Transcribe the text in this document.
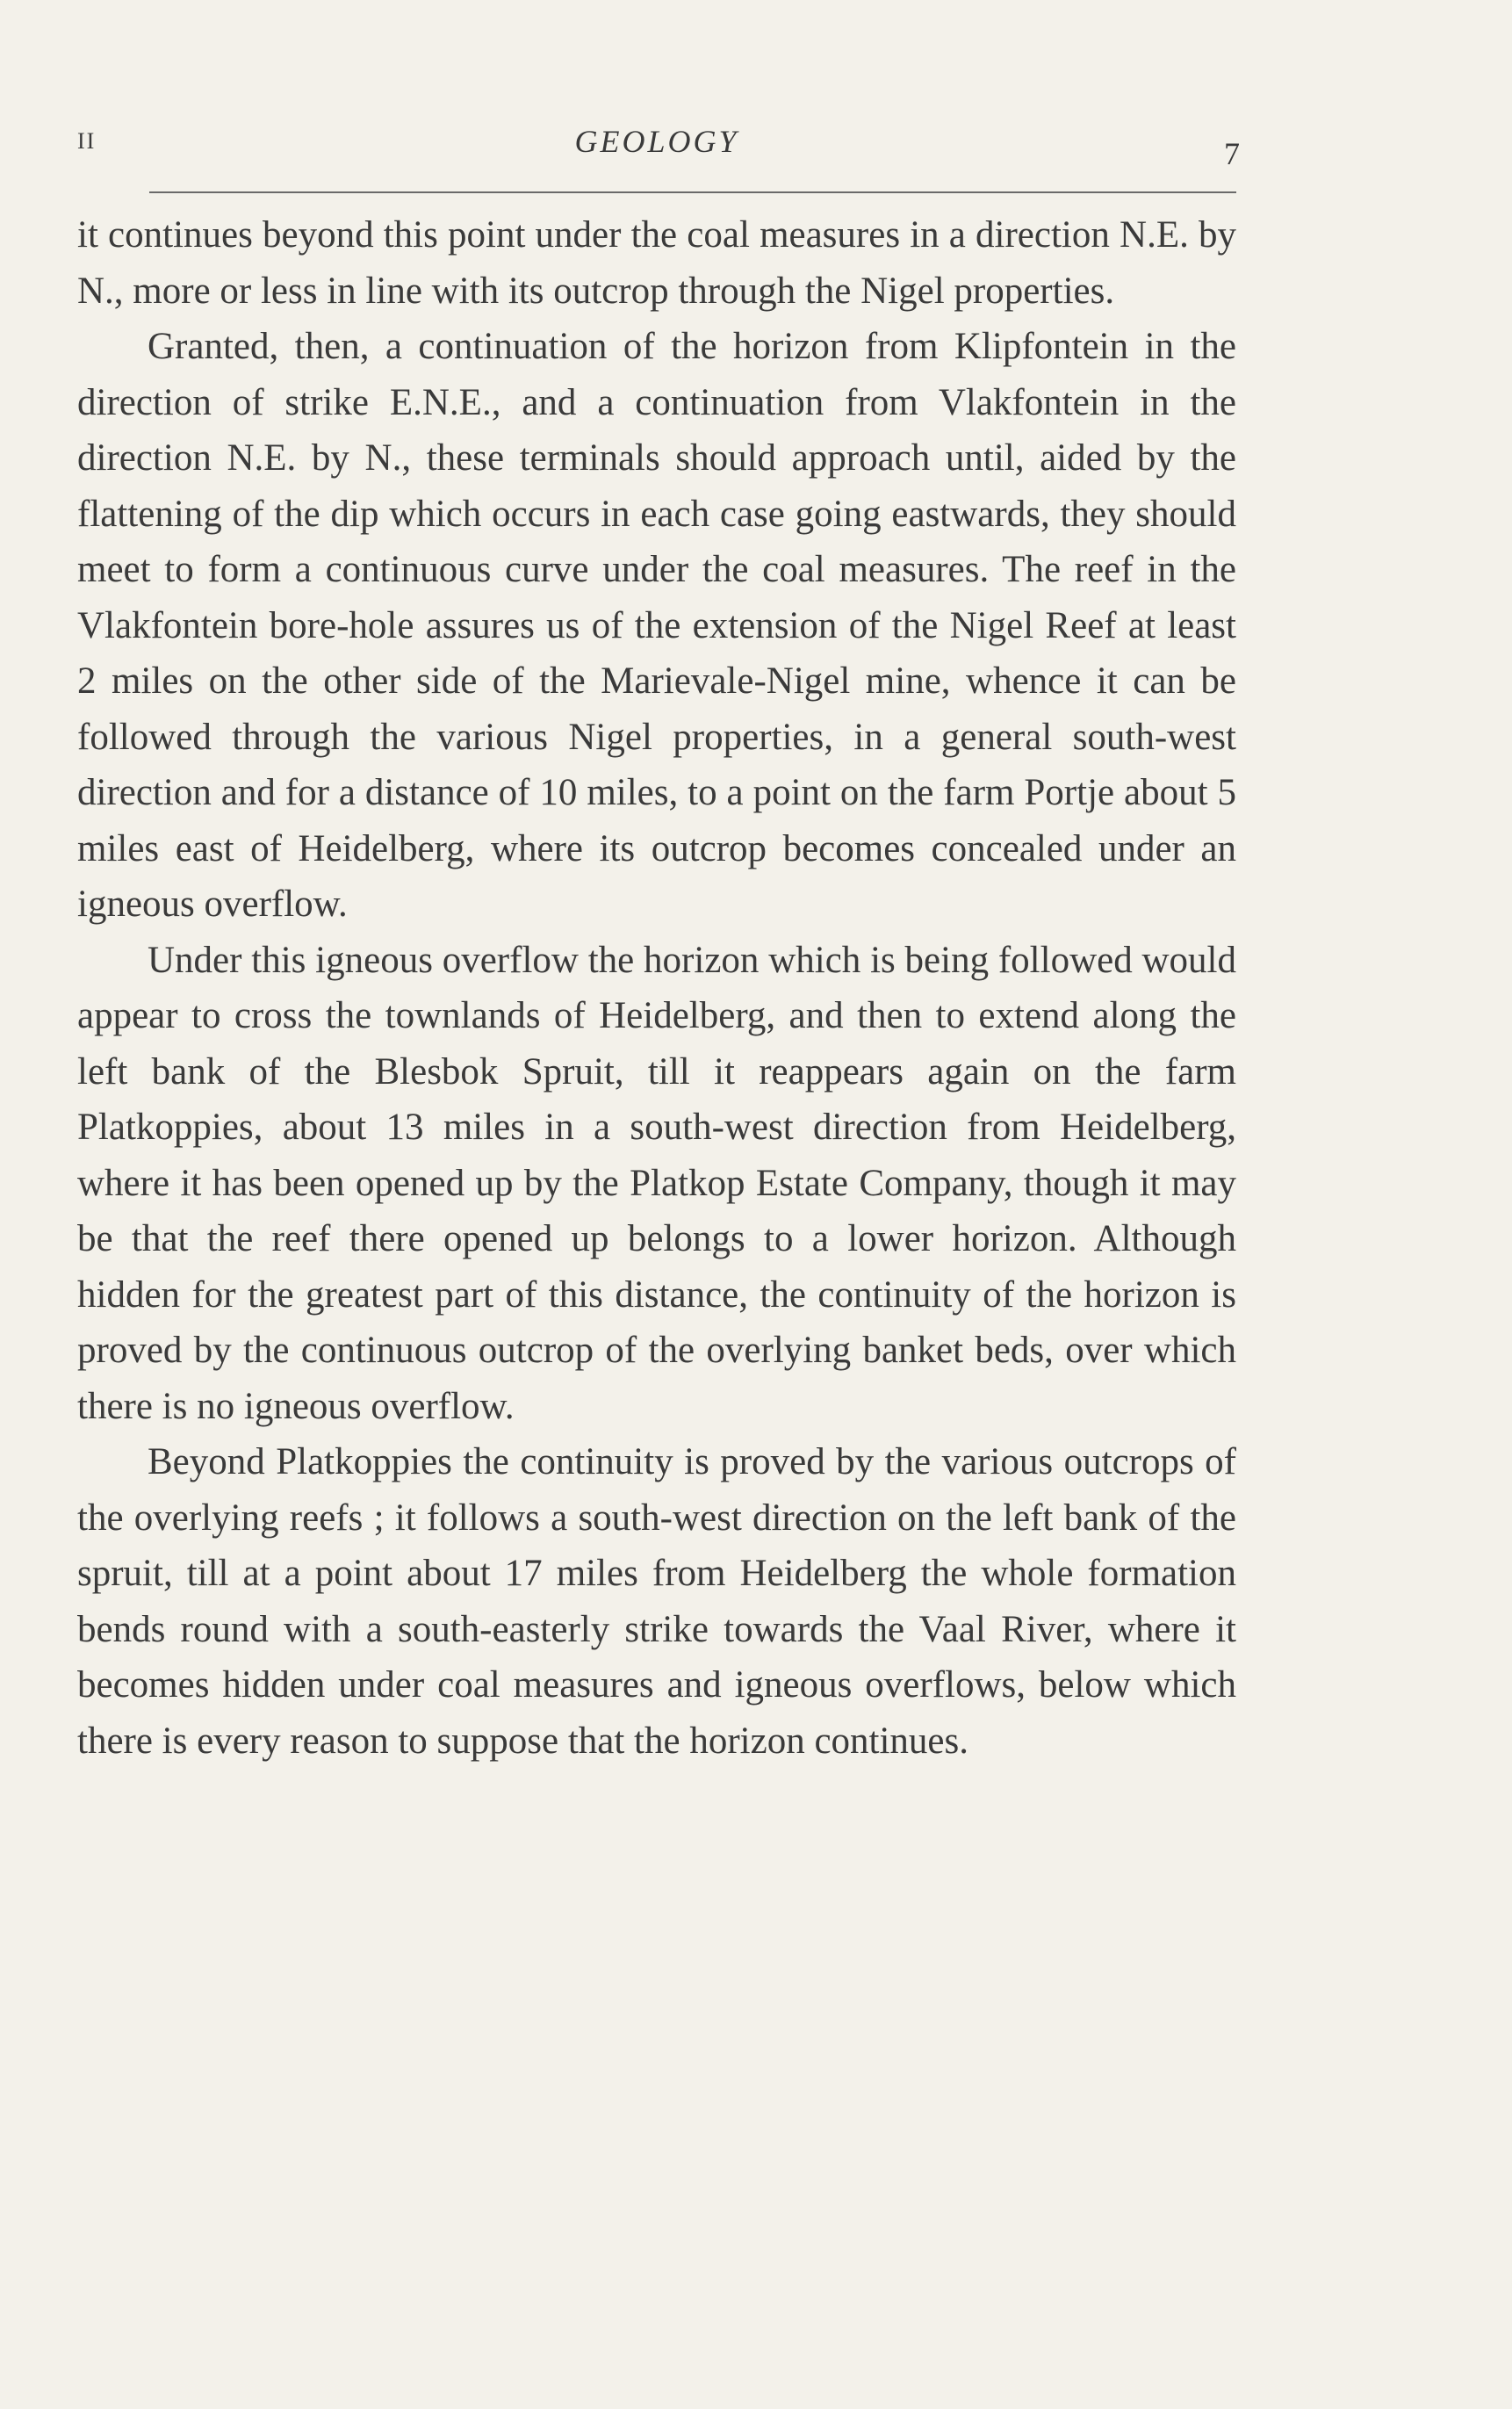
II	GEOLOGY	7

it continues beyond this point under the coal measures in a direction N.E. by N., more or less in line with its outcrop through the Nigel properties.

Granted, then, a continuation of the horizon from Klipfontein in the direction of strike E.N.E., and a continuation from Vlakfontein in the direction N.E. by N., these terminals should approach until, aided by the flattening of the dip which occurs in each case going eastwards, they should meet to form a continuous curve under the coal measures. The reef in the Vlakfontein bore-hole assures us of the extension of the Nigel Reef at least 2 miles on the other side of the Marievale-Nigel mine, whence it can be followed through the various Nigel properties, in a general south-west direction and for a distance of 10 miles, to a point on the farm Portje about 5 miles east of Heidelberg, where its outcrop becomes concealed under an igneous overflow.

Under this igneous overflow the horizon which is being followed would appear to cross the townlands of Heidelberg, and then to extend along the left bank of the Blesbok Spruit, till it reappears again on the farm Platkoppies, about 13 miles in a south-west direction from Heidelberg, where it has been opened up by the Platkop Estate Company, though it may be that the reef there opened up belongs to a lower horizon. Although hidden for the greatest part of this distance, the continuity of the horizon is proved by the continuous outcrop of the overlying banket beds, over which there is no igneous overflow.

Beyond Platkoppies the continuity is proved by the various outcrops of the overlying reefs ; it follows a south-west direction on the left bank of the spruit, till at a point about 17 miles from Heidelberg the whole formation bends round with a south-easterly strike towards the Vaal River, where it becomes hidden under coal measures and igneous overflows, below which there is every reason to suppose that the horizon continues.
